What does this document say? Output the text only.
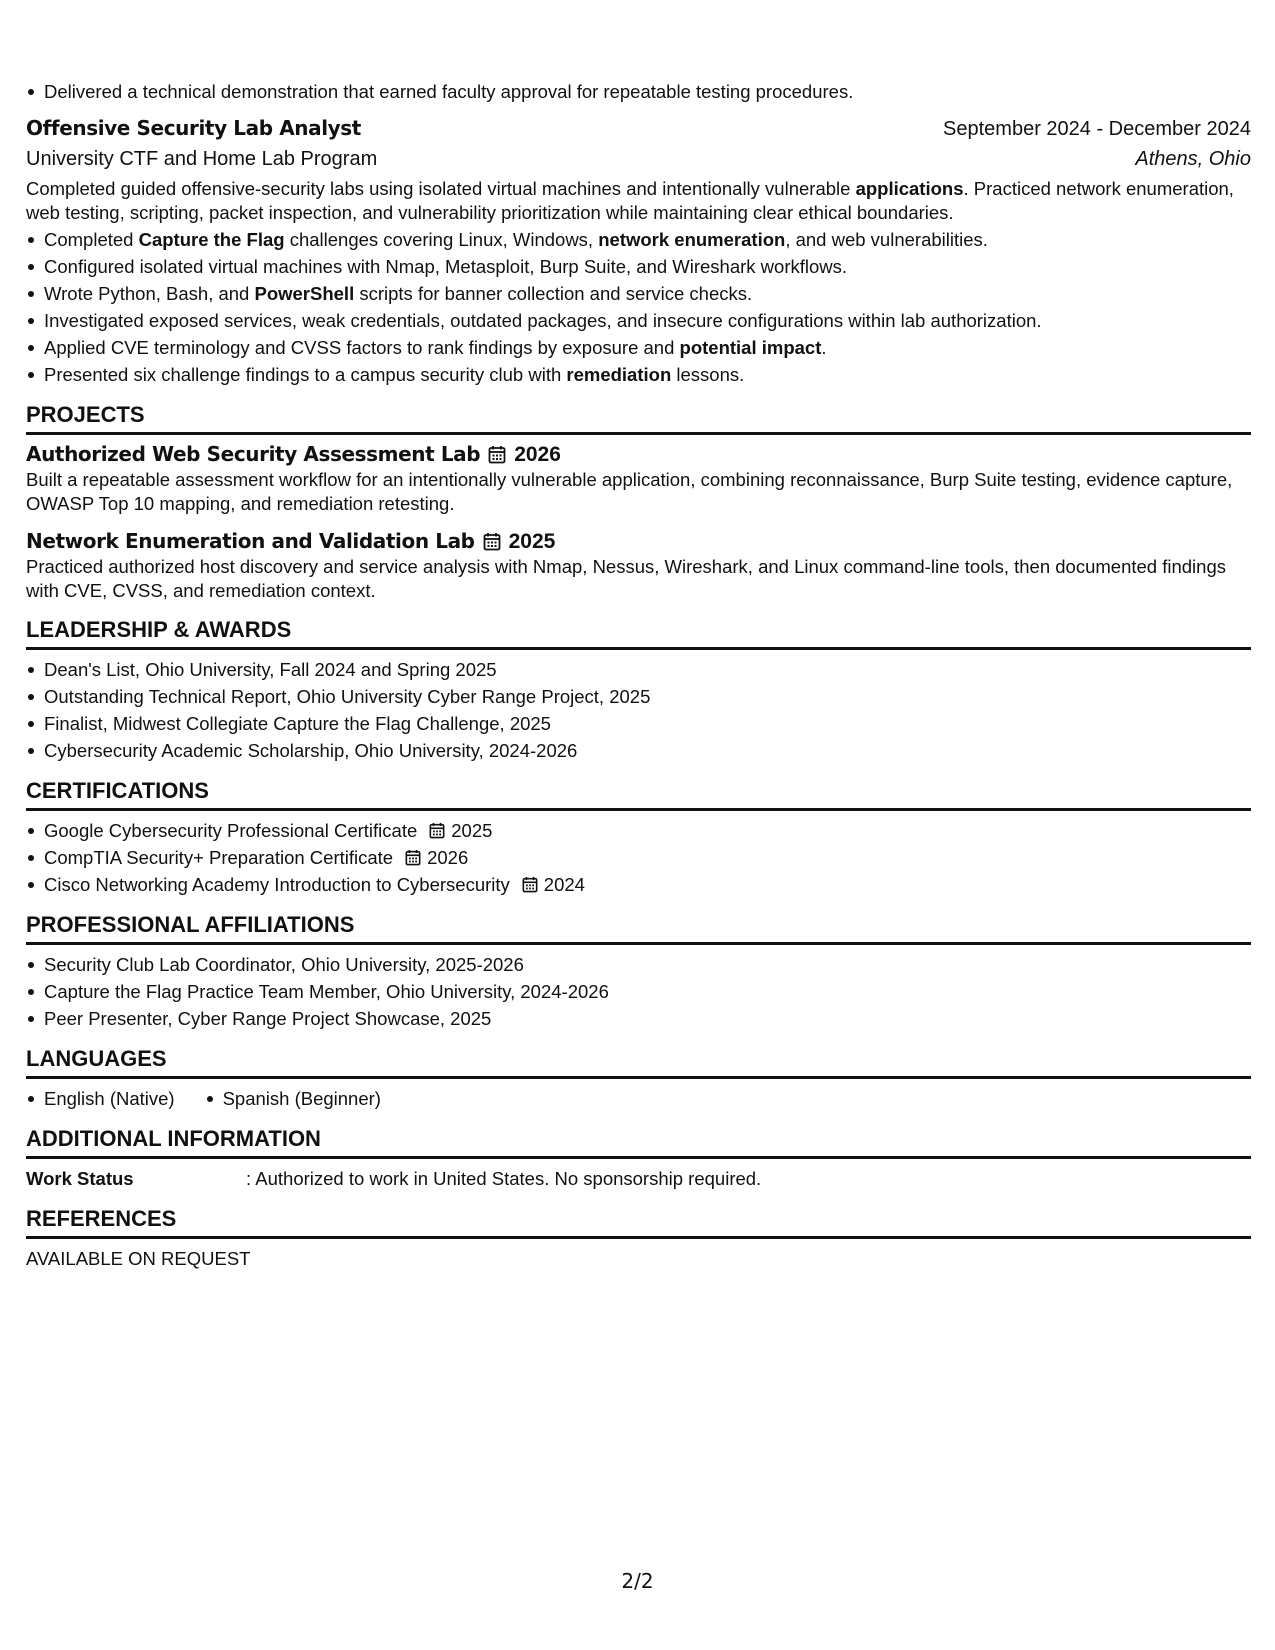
Delivered a technical demonstration that earned faculty approval for repeatable testing procedures.
Offensive Security Lab Analyst	September 2024 - December 2024
University CTF and Home Lab Program	Athens, Ohio
Completed guided offensive-security labs using isolated virtual machines and intentionally vulnerable applications. Practiced network enumeration, web testing, scripting, packet inspection, and vulnerability prioritization while maintaining clear ethical boundaries.
Completed Capture the Flag challenges covering Linux, Windows, network enumeration, and web vulnerabilities.
Configured isolated virtual machines with Nmap, Metasploit, Burp Suite, and Wireshark workflows.
Wrote Python, Bash, and PowerShell scripts for banner collection and service checks.
Investigated exposed services, weak credentials, outdated packages, and insecure configurations within lab authorization.
Applied CVE terminology and CVSS factors to rank findings by exposure and potential impact.
Presented six challenge findings to a campus security club with remediation lessons.
PROJECTS
Authorized Web Security Assessment Lab 2026
Built a repeatable assessment workflow for an intentionally vulnerable application, combining reconnaissance, Burp Suite testing, evidence capture, OWASP Top 10 mapping, and remediation retesting.
Network Enumeration and Validation Lab 2025
Practiced authorized host discovery and service analysis with Nmap, Nessus, Wireshark, and Linux command-line tools, then documented findings with CVE, CVSS, and remediation context.
LEADERSHIP & AWARDS
Dean's List, Ohio University, Fall 2024 and Spring 2025
Outstanding Technical Report, Ohio University Cyber Range Project, 2025
Finalist, Midwest Collegiate Capture the Flag Challenge, 2025
Cybersecurity Academic Scholarship, Ohio University, 2024-2026
CERTIFICATIONS
Google Cybersecurity Professional Certificate 2025
CompTIA Security+ Preparation Certificate 2026
Cisco Networking Academy Introduction to Cybersecurity 2024
PROFESSIONAL AFFILIATIONS
Security Club Lab Coordinator, Ohio University, 2025-2026
Capture the Flag Practice Team Member, Ohio University, 2024-2026
Peer Presenter, Cyber Range Project Showcase, 2025
LANGUAGES
English (Native)	Spanish (Beginner)
ADDITIONAL INFORMATION
Work Status	: Authorized to work in United States. No sponsorship required.
REFERENCES
AVAILABLE ON REQUEST
2/2
